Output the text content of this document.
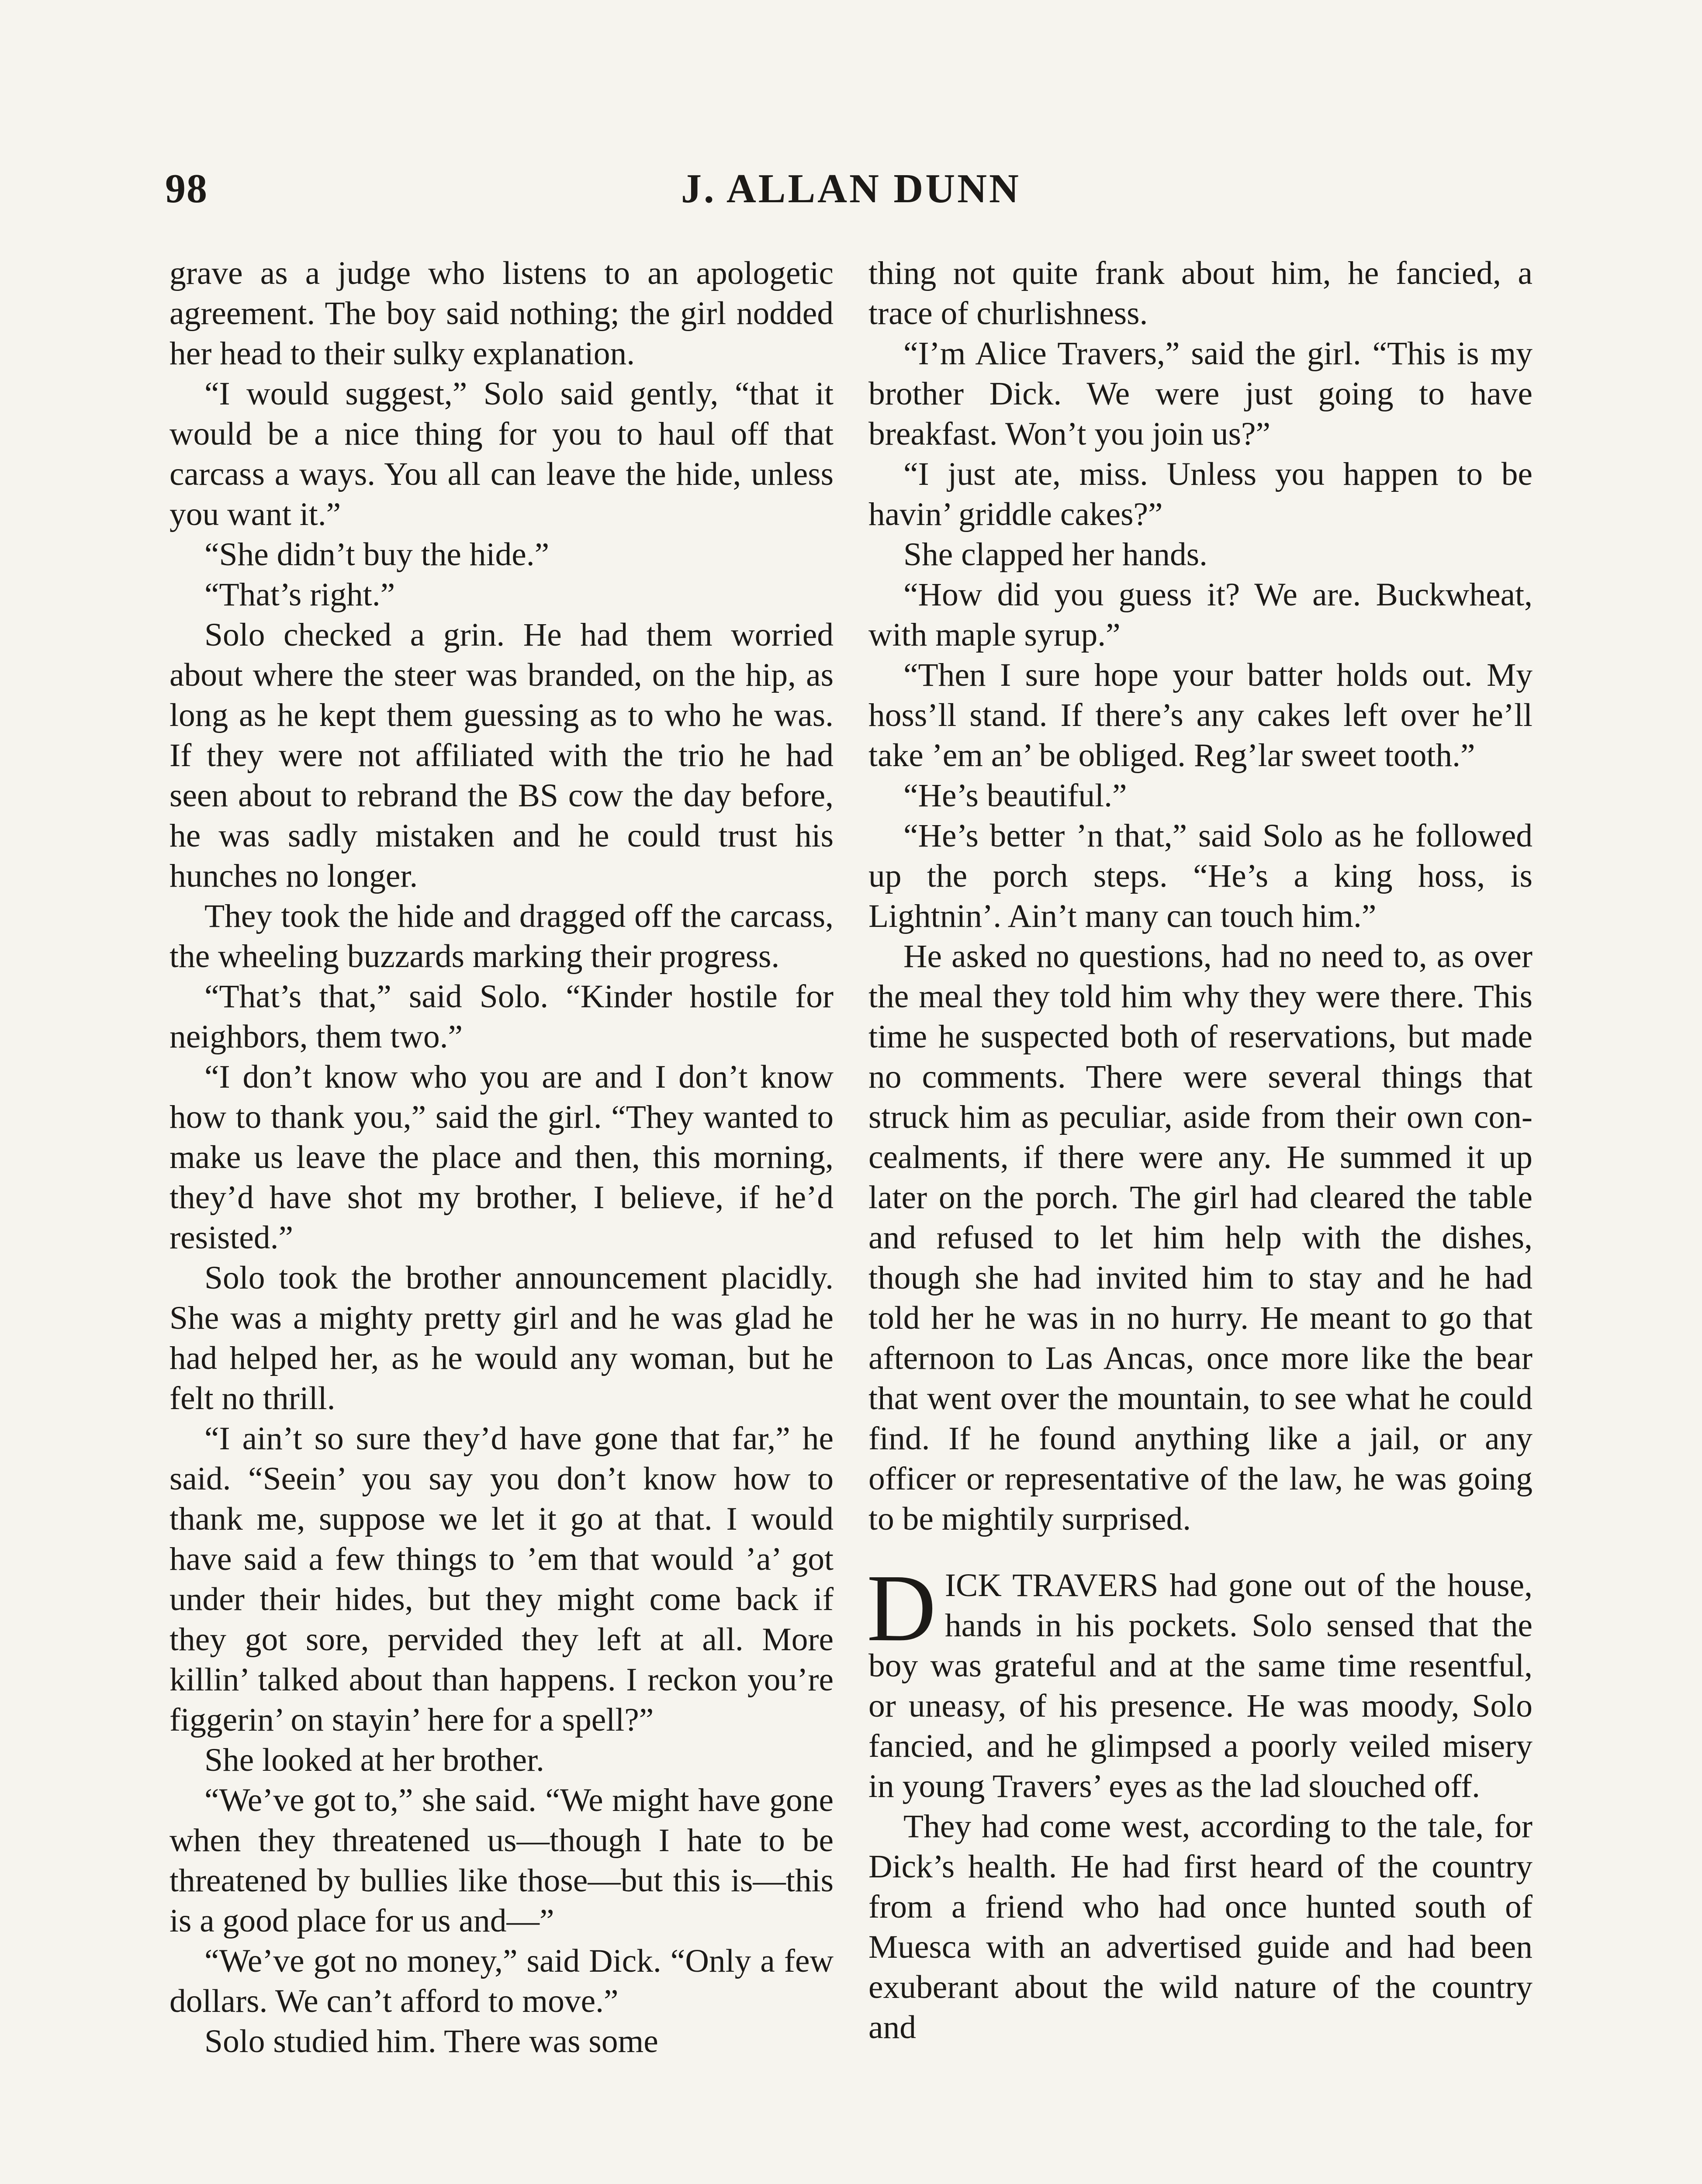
98	J. ALLAN DUNN

grave as a judge who listens to an apologetic agreement. The boy said nothing; the girl nodded her head to their sulky explanation.

“I would suggest,” Solo said gently, “that it would be a nice thing for you to haul off that carcass a ways. You all can leave the hide, unless you want it.”

“She didn’t buy the hide.”

“That’s right.”

Solo checked a grin. He had them worried about where the steer was branded, on the hip, as long as he kept them guessing as to who he was. If they were not affiliated with the trio he had seen about to rebrand the BS cow the day before, he was sadly mistaken and he could trust his hunches no longer.

They took the hide and dragged off the carcass, the wheeling buzzards marking their progress.

“That’s that,” said Solo. “Kinder hostile for neighbors, them two.”

“I don’t know who you are and I don’t know how to thank you,” said the girl. “They wanted to make us leave the place and then, this morning, they’d have shot my brother, I believe, if he’d resisted.”

Solo took the brother announcement placidly. She was a mighty pretty girl and he was glad he had helped her, as he would any woman, but he felt no thrill.

“I ain’t so sure they’d have gone that far,” he said. “Seein’ you say you don’t know how to thank me, suppose we let it go at that. I would have said a few things to ’em that would ’a’ got under their hides, but they might come back if they got sore, pervided they left at all. More killin’ talked about than happens. I reckon you’re figgerin’ on stayin’ here for a spell?”

She looked at her brother.

“We’ve got to,” she said. “We might have gone when they threatened us—though I hate to be threatened by bullies like those—but this is—this is a good place for us and—”

“We’ve got no money,” said Dick. “Only a few dollars. We can’t afford to move.”

Solo studied him. There was some

thing not quite frank about him, he fancied, a trace of churlishness.

“I’m Alice Travers,” said the girl. “This is my brother Dick. We were just going to have breakfast. Won’t you join us?”

“I just ate, miss. Unless you happen to be havin’ griddle cakes?”

She clapped her hands.

“How did you guess it? We are. Buckwheat, with maple syrup.”

“Then I sure hope your batter holds out. My hoss’ll stand. If there’s any cakes left over he’ll take ’em an’ be obliged. Reg’lar sweet tooth.”

“He’s beautiful.”

“He’s better ’n that,” said Solo as he followed up the porch steps. “He’s a king hoss, is Lightnin’. Ain’t many can touch him.”

He asked no questions, had no need to, as over the meal they told him why they were there. This time he suspected both of reservations, but made no comments. There were several things that struck him as peculiar, aside from their own concealments, if there were any. He summed it up later on the porch. The girl had cleared the table and refused to let him help with the dishes, though she had invited him to stay and he had told her he was in no hurry. He meant to go that afternoon to Las Ancas, once more like the bear that went over the mountain, to see what he could find. If he found anything like a jail, or any officer or representative of the law, he was going to be mightily surprised.

DICK TRAVERS had gone out of the house, hands in his pockets. Solo sensed that the boy was grateful and at the same time resentful, or uneasy, of his presence. He was moody, Solo fancied, and he glimpsed a poorly veiled misery in young Travers’ eyes as the lad slouched off.

They had come west, according to the tale, for Dick’s health. He had first heard of the country from a friend who had once hunted south of Muesca with an advertised guide and had been exuberant about the wild nature of the country and
